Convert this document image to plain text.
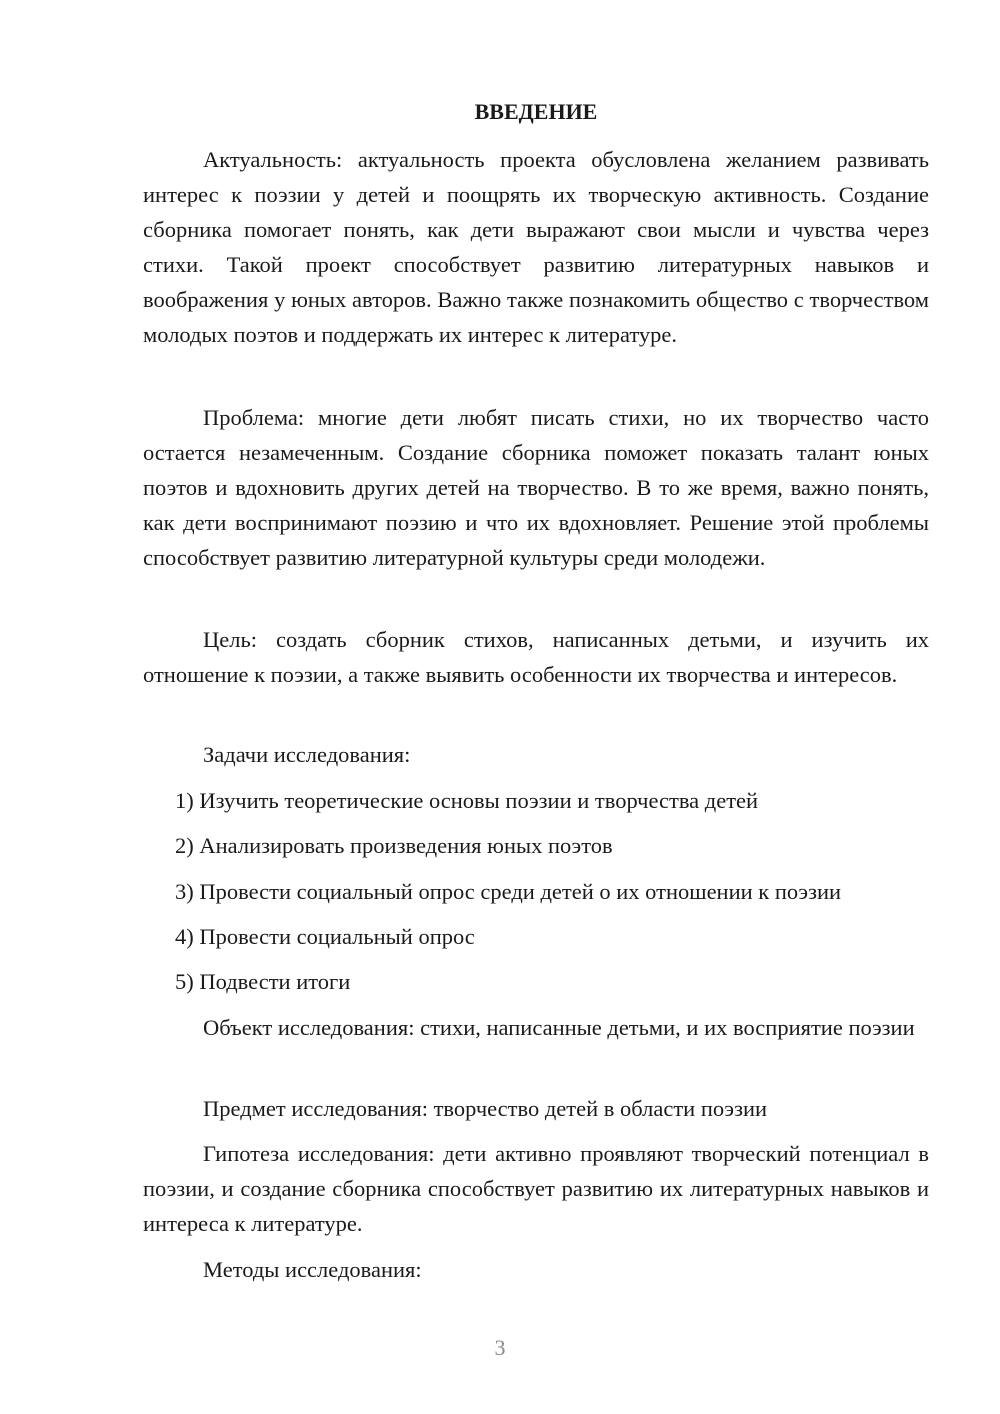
ВВЕДЕНИЕ

Актуальность: актуальность проекта обусловлена желанием развивать интерес к поэзии у детей и поощрять их творческую активность. Создание сборника помогает понять, как дети выражают свои мысли и чувства через стихи. Такой проект способствует развитию литературных навыков и воображения у юных авторов. Важно также познакомить общество с творчеством молодых поэтов и поддержать их интерес к литературе.

Проблема: многие дети любят писать стихи, но их творчество часто остается незамеченным. Создание сборника поможет показать талант юных поэтов и вдохновить других детей на творчество. В то же время, важно понять, как дети воспринимают поэзию и что их вдохновляет. Решение этой проблемы способствует развитию литературной культуры среди молодежи.

Цель: создать сборник стихов, написанных детьми, и изучить их отношение к поэзии, а также выявить особенности их творчества и интересов.

Задачи исследования:

1) Изучить теоретические основы поэзии и творчества детей

2) Анализировать произведения юных поэтов

3) Провести социальный опрос среди детей о их отношении к поэзии

4) Провести социальный опрос

5) Подвести итоги

Объект исследования: стихи, написанные детьми, и их восприятие поэзии

Предмет исследования: творчество детей в области поэзии

Гипотеза исследования: дети активно проявляют творческий потенциал в поэзии, и создание сборника способствует развитию их литературных навыков и интереса к литературе.

Методы исследования:

3
